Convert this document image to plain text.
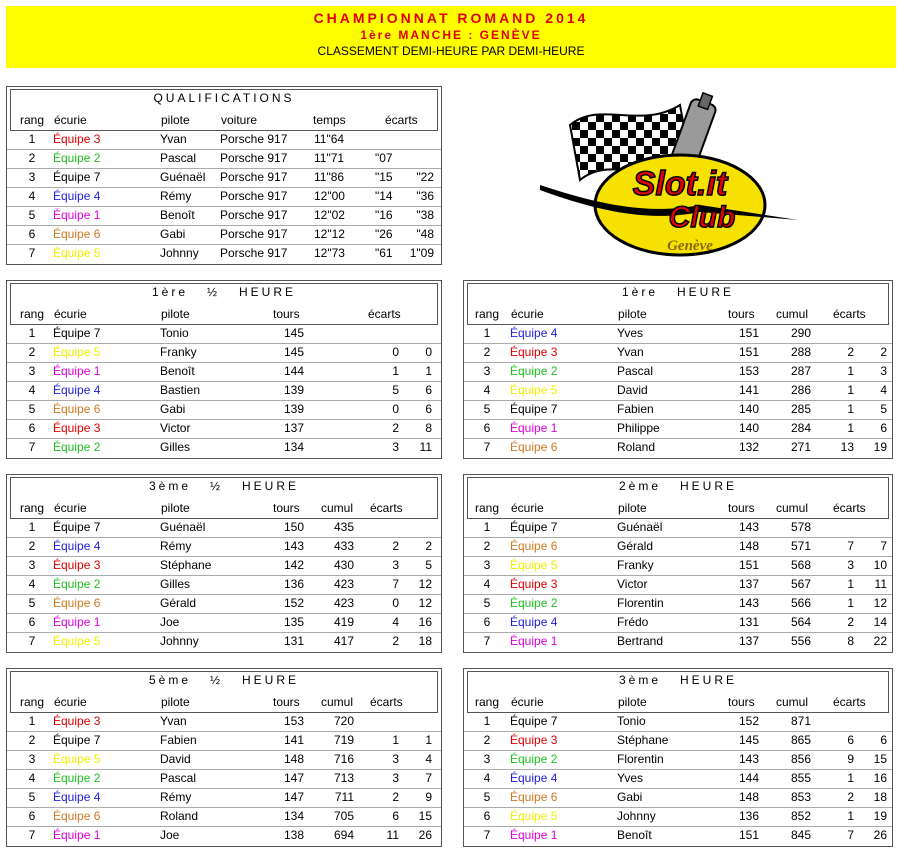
CHAMPIONNAT ROMAND 2014
1ère MANCHE : GENÈVE
CLASSEMENT DEMI-HEURE PAR DEMI-HEURE
QUALIFICATIONS
rang écurie	pilote	voiture	temps	écarts
1	Équipe 3	Yvan	Porsche 917	11"64
2	Équipe 2	Pascal	Porsche 917	11"71	"07
3	Équipe 7	Guénaël	Porsche 917	11"86	"15	"22
4	Équipe 4	Rémy	Porsche 917	12"00	"14	"36
5	Équipe 1	Benoît	Porsche 917	12"02	"16	"38
6	Équipe 6	Gabi	Porsche 917	12"12	"26	"48
7	Équipe 5	Johnny	Porsche 917	12"73	"61	1"09
1ère   ½   HEURE
rang écurie	pilote	tours	écarts
1	Équipe 7	Tonio	145
2	Équipe 5	Franky	145	0	0
3	Équipe 1	Benoît	144	1	1
4	Équipe 4	Bastien	139	5	6
5	Équipe 6	Gabi	139	0	6
6	Équipe 3	Victor	137	2	8
7	Équipe 2	Gilles	134	3	11
1ère   HEURE
rang écurie	pilote	tours cumul écarts
1	Équipe 4	Yves	151	290
2	Équipe 3	Yvan	151	288	2	2
3	Équipe 2	Pascal	153	287	1	3
4	Équipe 5	David	141	286	1	4
5	Équipe 7	Fabien	140	285	1	5
6	Équipe 1	Philippe	140	284	1	6
7	Équipe 6	Roland	132	271	13	19
3ème   ½   HEURE
rang écurie	pilote	tours cumul écarts
1	Équipe 7	Guénaël	150	435
2	Équipe 4	Rémy	143	433	2	2
3	Équipe 3	Stéphane	142	430	3	5
4	Équipe 2	Gilles	136	423	7	12
5	Équipe 6	Gérald	152	423	0	12
6	Équipe 1	Joe	135	419	4	16
7	Équipe 5	Johnny	131	417	2	18
2ème   HEURE
rang écurie	pilote	tours cumul écarts
1	Équipe 7	Guénaël	143	578
2	Équipe 6	Gérald	148	571	7	7
3	Équipe 5	Franky	151	568	3	10
4	Équipe 3	Victor	137	567	1	11
5	Équipe 2	Florentin	143	566	1	12
6	Équipe 4	Frédo	131	564	2	14
7	Équipe 1	Bertrand	137	556	8	22
5ème   ½   HEURE
rang écurie	pilote	tours cumul écarts
1	Équipe 3	Yvan	153	720
2	Équipe 7	Fabien	141	719	1	1
3	Équipe 5	David	148	716	3	4
4	Équipe 2	Pascal	147	713	3	7
5	Équipe 4	Rémy	147	711	2	9
6	Équipe 6	Roland	134	705	6	15
7	Équipe 1	Joe	138	694	11	26
3ème   HEURE
rang écurie	pilote	tours cumul écarts
1	Équipe 7	Tonio	152	871
2	Équipe 3	Stéphane	145	865	6	6
3	Équipe 2	Florentin	143	856	9	15
4	Équipe 4	Yves	144	855	1	16
5	Équipe 6	Gabi	148	853	2	18
6	Équipe 5	Johnny	136	852	1	19
7	Équipe 1	Benoît	151	845	7	26
Slot.it
Club
Genève
